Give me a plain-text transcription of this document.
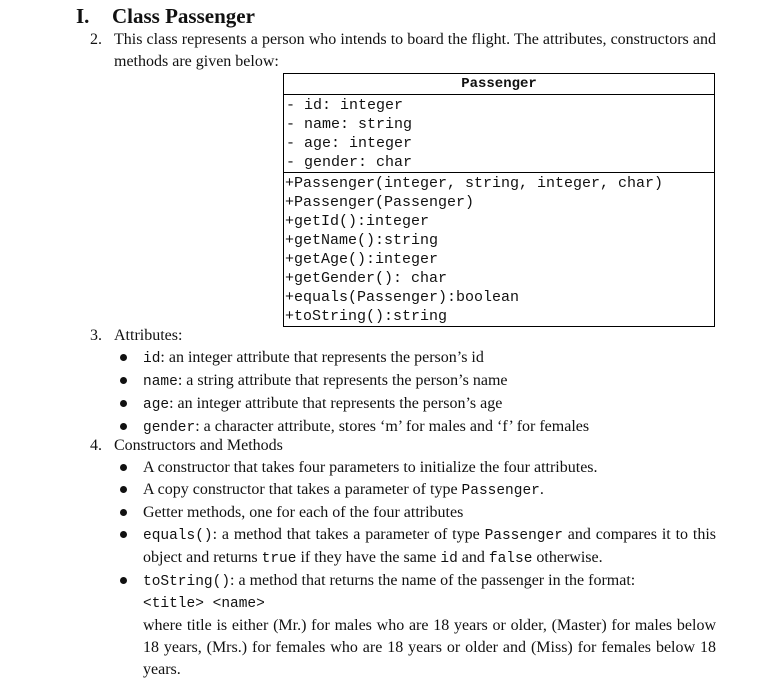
I. Class Passenger
2. This class represents a person who intends to board the flight. The attributes, constructors and methods are given below:
Passenger
- id: integer
- name: string
- age: integer
- gender: char
+Passenger(integer, string, integer, char)
+Passenger(Passenger)
+getId():integer
+getName():string
+getAge():integer
+getGender(): char
+equals(Passenger):boolean
+toString():string
3. Attributes:
id: an integer attribute that represents the person’s id
name: a string attribute that represents the person’s name
age: an integer attribute that represents the person’s age
gender: a character attribute, stores ‘m’ for males and ‘f’ for females
4. Constructors and Methods
A constructor that takes four parameters to initialize the four attributes.
A copy constructor that takes a parameter of type Passenger.
Getter methods, one for each of the four attributes
equals(): a method that takes a parameter of type Passenger and compares it to this object and returns true if they have the same id and false otherwise.
toString(): a method that returns the name of the passenger in the format:
<title> <name>
where title is either (Mr.) for males who are 18 years or older, (Master) for males below 18 years, (Mrs.) for females who are 18 years or older and (Miss) for females below 18 years.
